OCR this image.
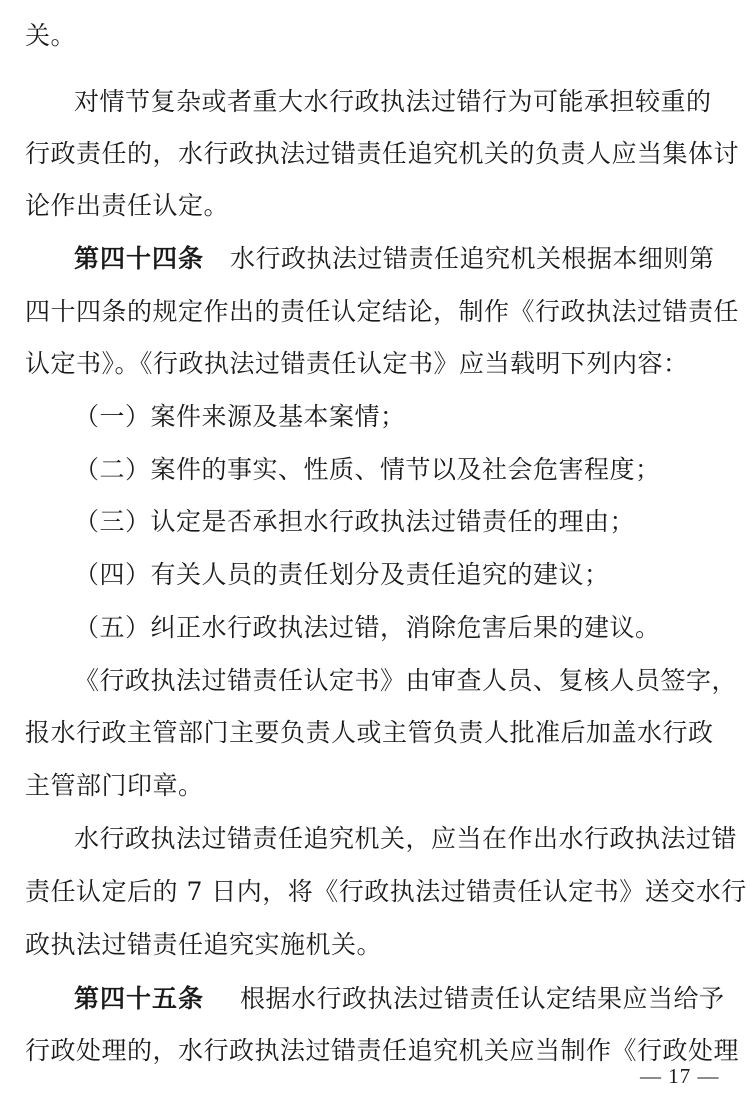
关。
对情节复杂或者重大水行政执法过错行为可能承担较重的
行政责任的，水行政执法过错责任追究机关的负责人应当集体讨
论作出责任认定。
第四十四条	水行政执法过错责任追究机关根据本细则第
四十四条的规定作出的责任认定结论，制作《行政执法过错责任
认定书》。《行政执法过错责任认定书》应当载明下列内容：
（一）案件来源及基本案情；
（二）案件的事实、性质、情节以及社会危害程度；
（三）认定是否承担水行政执法过错责任的理由；
（四）有关人员的责任划分及责任追究的建议；
（五）纠正水行政执法过错，消除危害后果的建议。
《行政执法过错责任认定书》由审查人员、复核人员签字，
报水行政主管部门主要负责人或主管负责人批准后加盖水行政
主管部门印章。
水行政执法过错责任追究机关，应当在作出水行政执法过错
责任认定后的 7 日内，将《行政执法过错责任认定书》送交水行
政执法过错责任追究实施机关。
第四十五条	根据水行政执法过错责任认定结果应当给予
行政处理的，水行政执法过错责任追究机关应当制作《行政处理
— 17 —
